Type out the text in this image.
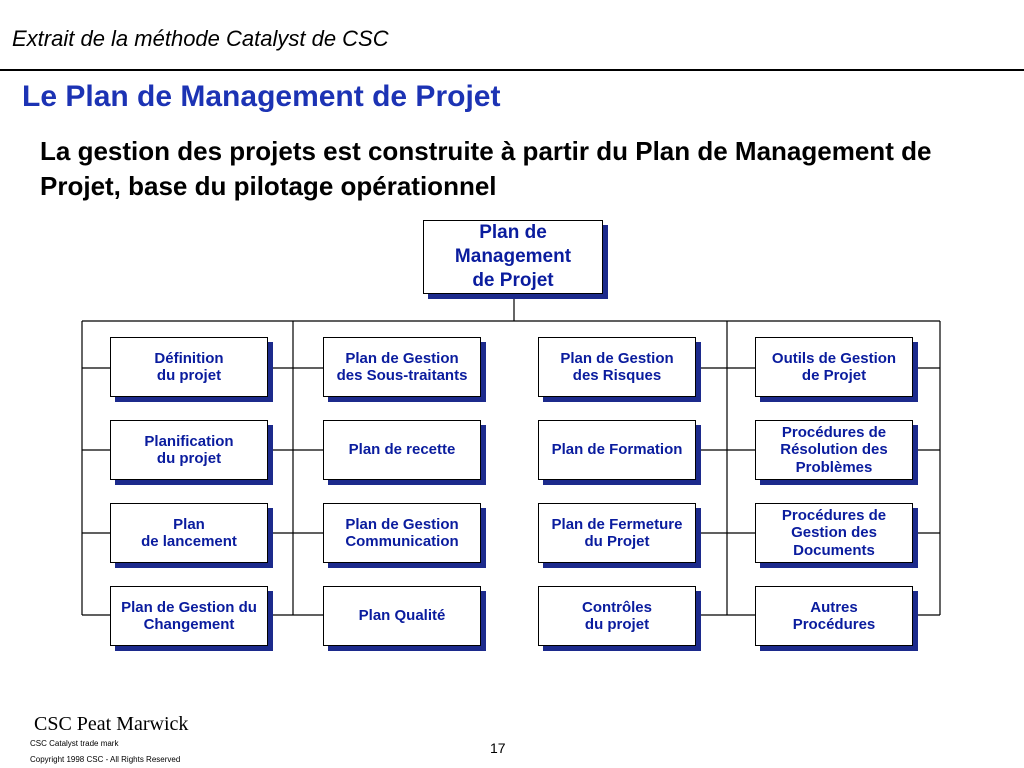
Extrait de la méthode Catalyst de CSC
Le Plan de Management de Projet
La gestion des projets est construite à partir du Plan de Management de Projet, base du pilotage opérationnel
Plan de
Management
de Projet
Définition
du projet
Planification
du projet
Plan
de lancement
Plan de Gestion du
Changement
Plan de Gestion
des Sous-traitants
Plan de recette
Plan de Gestion
Communication
Plan Qualité
Plan de Gestion
des Risques
Plan de Formation
Plan de Fermeture
du Projet
Contrôles
du projet
Outils de Gestion
de Projet
Procédures de
Résolution des
Problèmes
Procédures de
Gestion des
Documents
Autres
Procédures
CSC Peat Marwick
CSC Catalyst trade mark
Copyright 1998 CSC - All Rights Reserved
17
